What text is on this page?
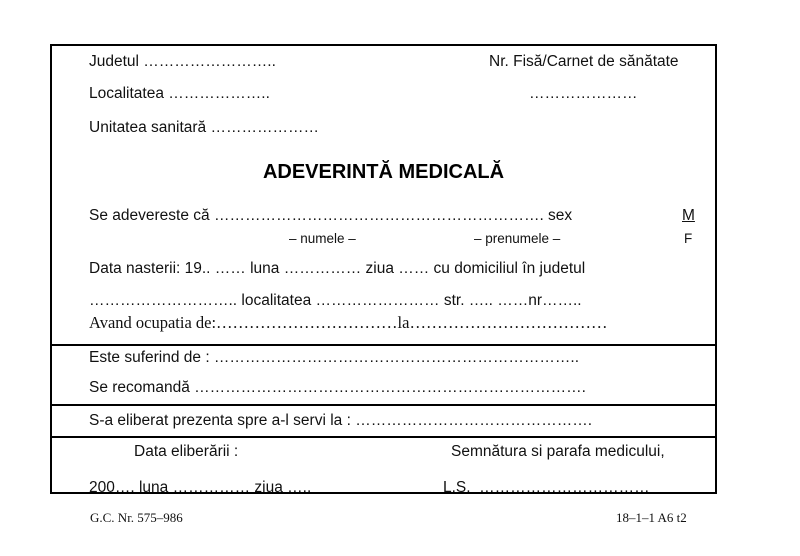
Judetul ……………………..	Nr. Fisă/Carnet de sănătate
Localitatea ………………..	…………………
Unitatea sanitară …………………
ADEVERINTĂ MEDICALĂ
Se adevereste că ………………………………………………………. sex	M
– numele –	– prenumele –	F
Data nasterii: 19.. …… luna …………… ziua …… cu domiciliul în judetul
……………………….. localitatea …………………… str. ….. ……nr……..
Avand ocupatia de:……………………………la………………………………
Este suferind de : ……………………………………………………………..
Se recomandă ………………………………………………………………….
S-a eliberat prezenta spre a-l servi la : ……………………………………….
Data eliberării :	Semnătura si parafa medicului,
200…. luna …………… ziua …..	L.S.  ……………………………
G.C. Nr. 575–986	18–1–1 A6 t2
